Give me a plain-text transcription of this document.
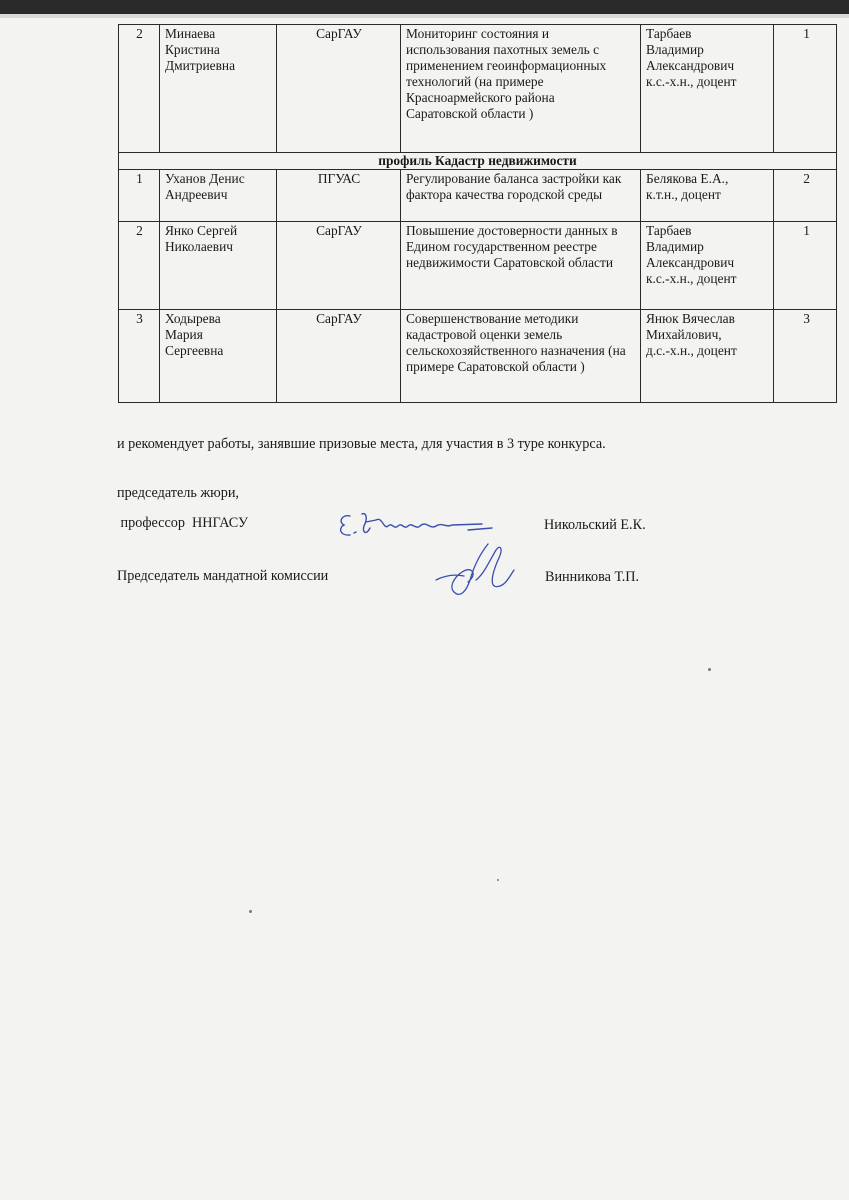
2	Минаева
Кристина
Дмитриевна	СарГАУ	Мониторинг состояния и использования пахотных земель с применением геоинформационных технологий (на примере Красноармейского района
Саратовской области )	Тарбаев
Владимир
Александрович
к.с.-х.н., доцент	1
профиль Кадастр недвижимости					
1	Уханов Денис
Андреевич	ПГУАС	Регулирование баланса застройки как фактора качества городской среды	Белякова Е.А.,
к.т.н., доцент	2
2	Янко Сергей
Николаевич	СарГАУ	Повышение достоверности данных в Едином государственном реестре недвижимости Саратовской области	Тарбаев
Владимир
Александрович
к.с.-х.н., доцент	1
3	Ходырева
Мария
Сергеевна	СарГАУ	Совершенствование методики кадастровой оценки земель сельскохозяйственного назначения (на примере Саратовской области )	Янюк Вячеслав
Михайлович,
д.с.-х.н., доцент	3
и рекомендует работы, занявшие призовые места, для участия в 3 туре конкурса.
председатель жюри,
профессор  ННГАСУ	Никольский Е.К.
Председатель мандатной комиссии	Винникова Т.П.
